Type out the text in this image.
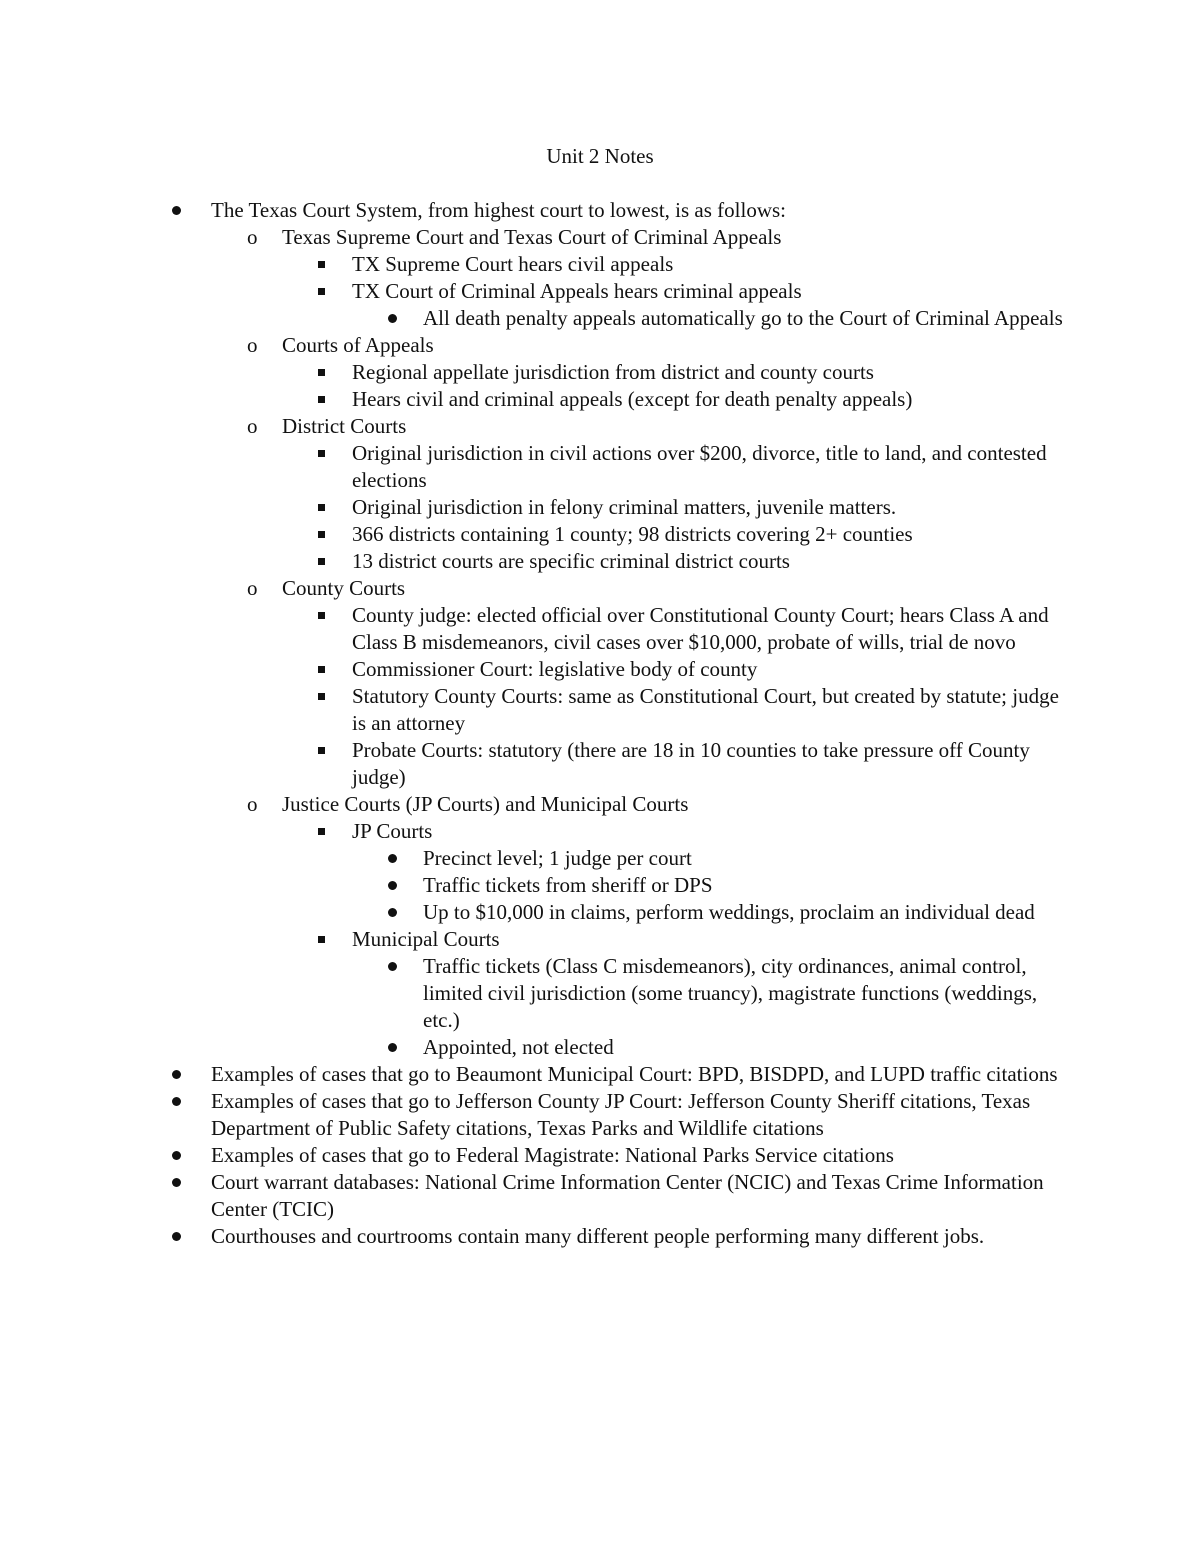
Unit 2 Notes
The Texas Court System, from highest court to lowest, is as follows:
o Texas Supreme Court and Texas Court of Criminal Appeals
TX Supreme Court hears civil appeals
TX Court of Criminal Appeals hears criminal appeals
All death penalty appeals automatically go to the Court of Criminal Appeals
o Courts of Appeals
Regional appellate jurisdiction from district and county courts
Hears civil and criminal appeals (except for death penalty appeals)
o District Courts
Original jurisdiction in civil actions over $200, divorce, title to land, and contested elections
Original jurisdiction in felony criminal matters, juvenile matters.
366 districts containing 1 county; 98 districts covering 2+ counties
13 district courts are specific criminal district courts
o County Courts
County judge: elected official over Constitutional County Court; hears Class A and Class B misdemeanors, civil cases over $10,000, probate of wills, trial de novo
Commissioner Court: legislative body of county
Statutory County Courts: same as Constitutional Court, but created by statute; judge is an attorney
Probate Courts: statutory (there are 18 in 10 counties to take pressure off County judge)
o Justice Courts (JP Courts) and Municipal Courts
JP Courts
Precinct level; 1 judge per court
Traffic tickets from sheriff or DPS
Up to $10,000 in claims, perform weddings, proclaim an individual dead
Municipal Courts
Traffic tickets (Class C misdemeanors), city ordinances, animal control, limited civil jurisdiction (some truancy), magistrate functions (weddings, etc.)
Appointed, not elected
Examples of cases that go to Beaumont Municipal Court: BPD, BISDPD, and LUPD traffic citations
Examples of cases that go to Jefferson County JP Court: Jefferson County Sheriff citations, Texas Department of Public Safety citations, Texas Parks and Wildlife citations
Examples of cases that go to Federal Magistrate: National Parks Service citations
Court warrant databases: National Crime Information Center (NCIC) and Texas Crime Information Center (TCIC)
Courthouses and courtrooms contain many different people performing many different jobs.
